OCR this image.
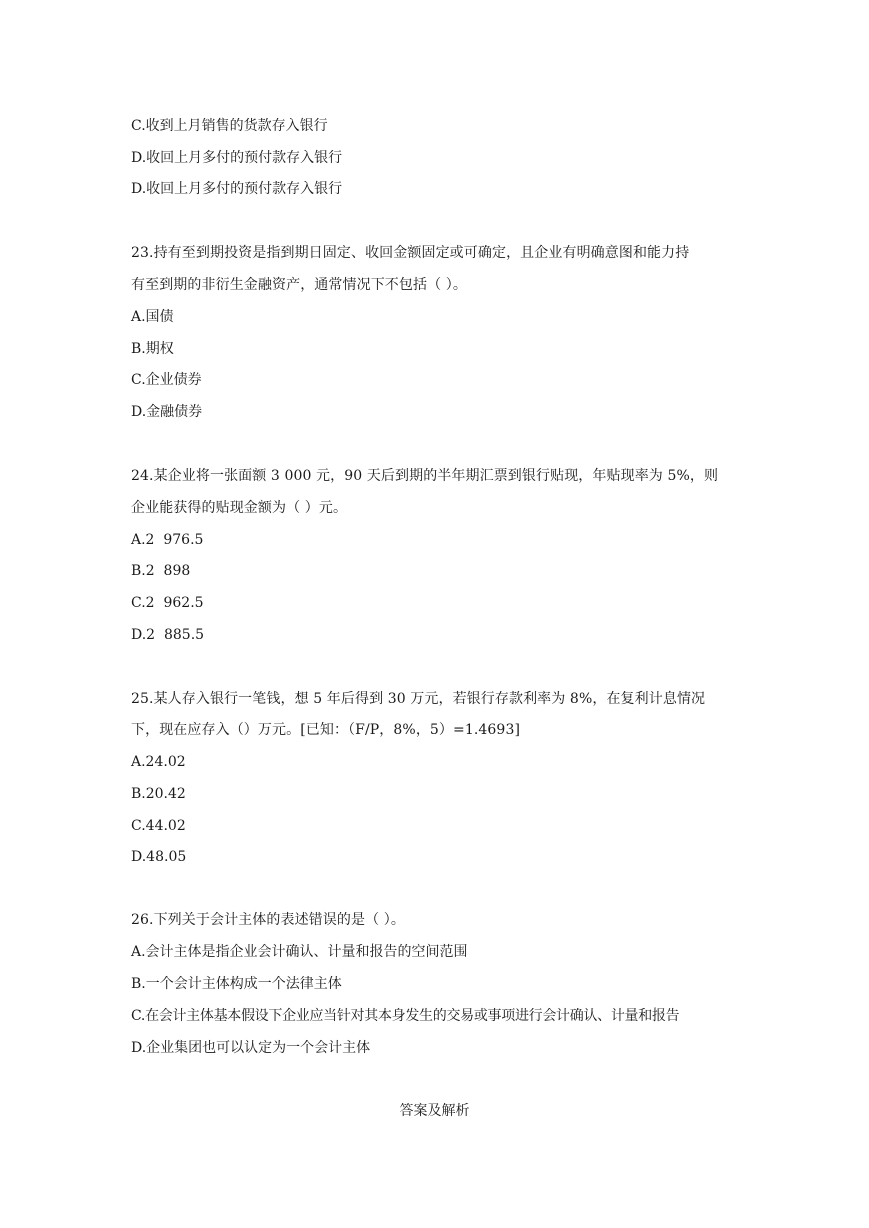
C.收到上月销售的货款存入银行
D.收回上月多付的预付款存入银行
D.收回上月多付的预付款存入银行
23.持有至到期投资是指到期日固定、收回金额固定或可确定，且企业有明确意图和能力持
有至到期的非衍生金融资产，通常情况下不包括（ ）。
A.国债
B.期权
C.企业债券
D.金融债券
24.某企业将一张面额 3 000 元，90 天后到期的半年期汇票到银行贴现，年贴现率为 5%，则
企业能获得的贴现金额为（ ）元。
A.2  976.5
B.2  898
C.2  962.5
D.2  885.5
25.某人存入银行一笔钱，想 5 年后得到 30 万元，若银行存款利率为 8%，在复利计息情况
下，现在应存入（）万元。[已知：（F/P，8%，5）=1.4693]
A.24.02
B.20.42
C.44.02
D.48.05
26.下列关于会计主体的表述错误的是（ ）。
A.会计主体是指企业会计确认、计量和报告的空间范围
B.一个会计主体构成一个法律主体
C.在会计主体基本假设下企业应当针对其本身发生的交易或事项进行会计确认、计量和报告
D.企业集团也可以认定为一个会计主体
答案及解析
